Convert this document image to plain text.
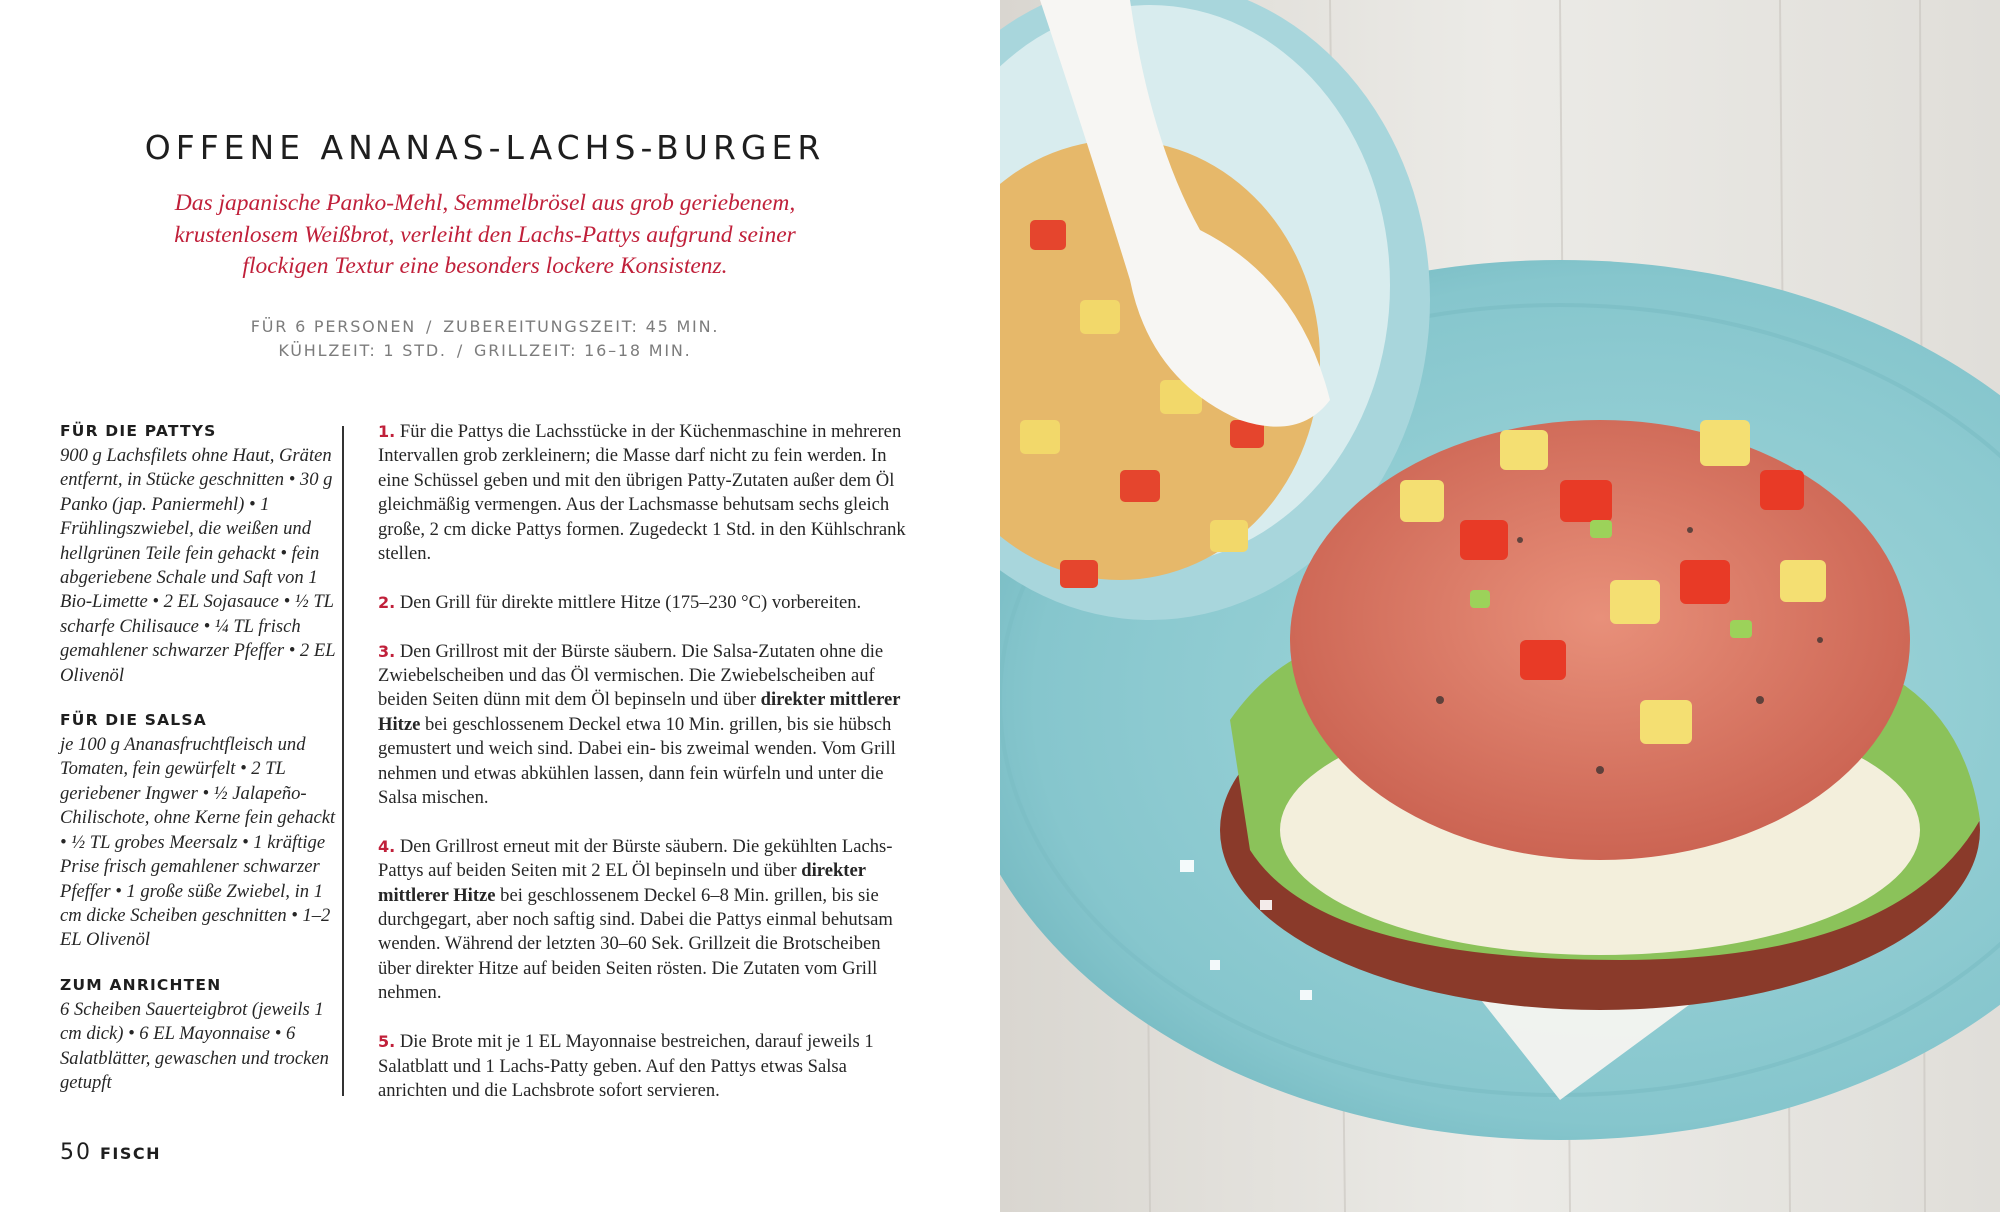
OFFENE ANANAS-LACHS-BURGER
Das japanische Panko-Mehl, Semmelbrösel aus grob geriebenem, krustenlosem Weißbrot, verleiht den Lachs-Pattys aufgrund seiner flockigen Textur eine besonders lockere Konsistenz.
FÜR 6 PERSONEN / ZUBEREITUNGSZEIT: 45 MIN.
KÜHLZEIT: 1 STD. / GRILLZEIT: 16–18 MIN.
FÜR DIE PATTYS
900 g Lachsfilets ohne Haut, Gräten entfernt, in Stücke geschnitten • 30 g Panko (jap. Paniermehl) • 1 Frühlingszwiebel, die weißen und hellgrünen Teile fein gehackt • fein abgeriebene Schale und Saft von 1 Bio-Limette • 2 EL Sojasauce • ½ TL scharfe Chilisauce • ¼ TL frisch gemahlener schwarzer Pfeffer • 2 EL Olivenöl
FÜR DIE SALSA
je 100 g Ananasfruchtfleisch und Tomaten, fein gewürfelt • 2 TL geriebener Ingwer • ½ Jalapeño-Chilischote, ohne Kerne fein gehackt • ½ TL grobes Meersalz • 1 kräftige Prise frisch gemahlener schwarzer Pfeffer • 1 große süße Zwiebel, in 1 cm dicke Scheiben geschnitten • 1–2 EL Olivenöl
ZUM ANRICHTEN
6 Scheiben Sauerteigbrot (jeweils 1 cm dick) • 6 EL Mayonnaise • 6 Salatblätter, gewaschen und trocken getupft

1. Für die Pattys die Lachsstücke in der Küchenmaschine in mehreren Intervallen grob zerkleinern; die Masse darf nicht zu fein werden. In eine Schüssel geben und mit den übrigen Patty-Zutaten außer dem Öl gleichmäßig vermengen. Aus der Lachsmasse behutsam sechs gleich große, 2 cm dicke Pattys formen. Zugedeckt 1 Std. in den Kühlschrank stellen.

2. Den Grill für direkte mittlere Hitze (175–230 °C) vorbereiten.

3. Den Grillrost mit der Bürste säubern. Die Salsa-Zutaten ohne die Zwiebelscheiben und das Öl vermischen. Die Zwiebelscheiben auf beiden Seiten dünn mit dem Öl bepinseln und über direkter mittlerer Hitze bei geschlossenem Deckel etwa 10 Min. grillen, bis sie hübsch gemustert und weich sind. Dabei ein- bis zweimal wenden. Vom Grill nehmen und etwas abkühlen lassen, dann fein würfeln und unter die Salsa mischen.

4. Den Grillrost erneut mit der Bürste säubern. Die gekühlten Lachs-Pattys auf beiden Seiten mit 2 EL Öl bepinseln und über direkter mittlerer Hitze bei geschlossenem Deckel 6–8 Min. grillen, bis sie durchgegart, aber noch saftig sind. Dabei die Pattys einmal behutsam wenden. Während der letzten 30–60 Sek. Grillzeit die Brotscheiben über direkter Hitze auf beiden Seiten rösten. Die Zutaten vom Grill nehmen.

5. Die Brote mit je 1 EL Mayonnaise bestreichen, darauf jeweils 1 Salatblatt und 1 Lachs-Patty geben. Auf den Pattys etwas Salsa anrichten und die Lachsbrote sofort servieren.

50 FISCH
